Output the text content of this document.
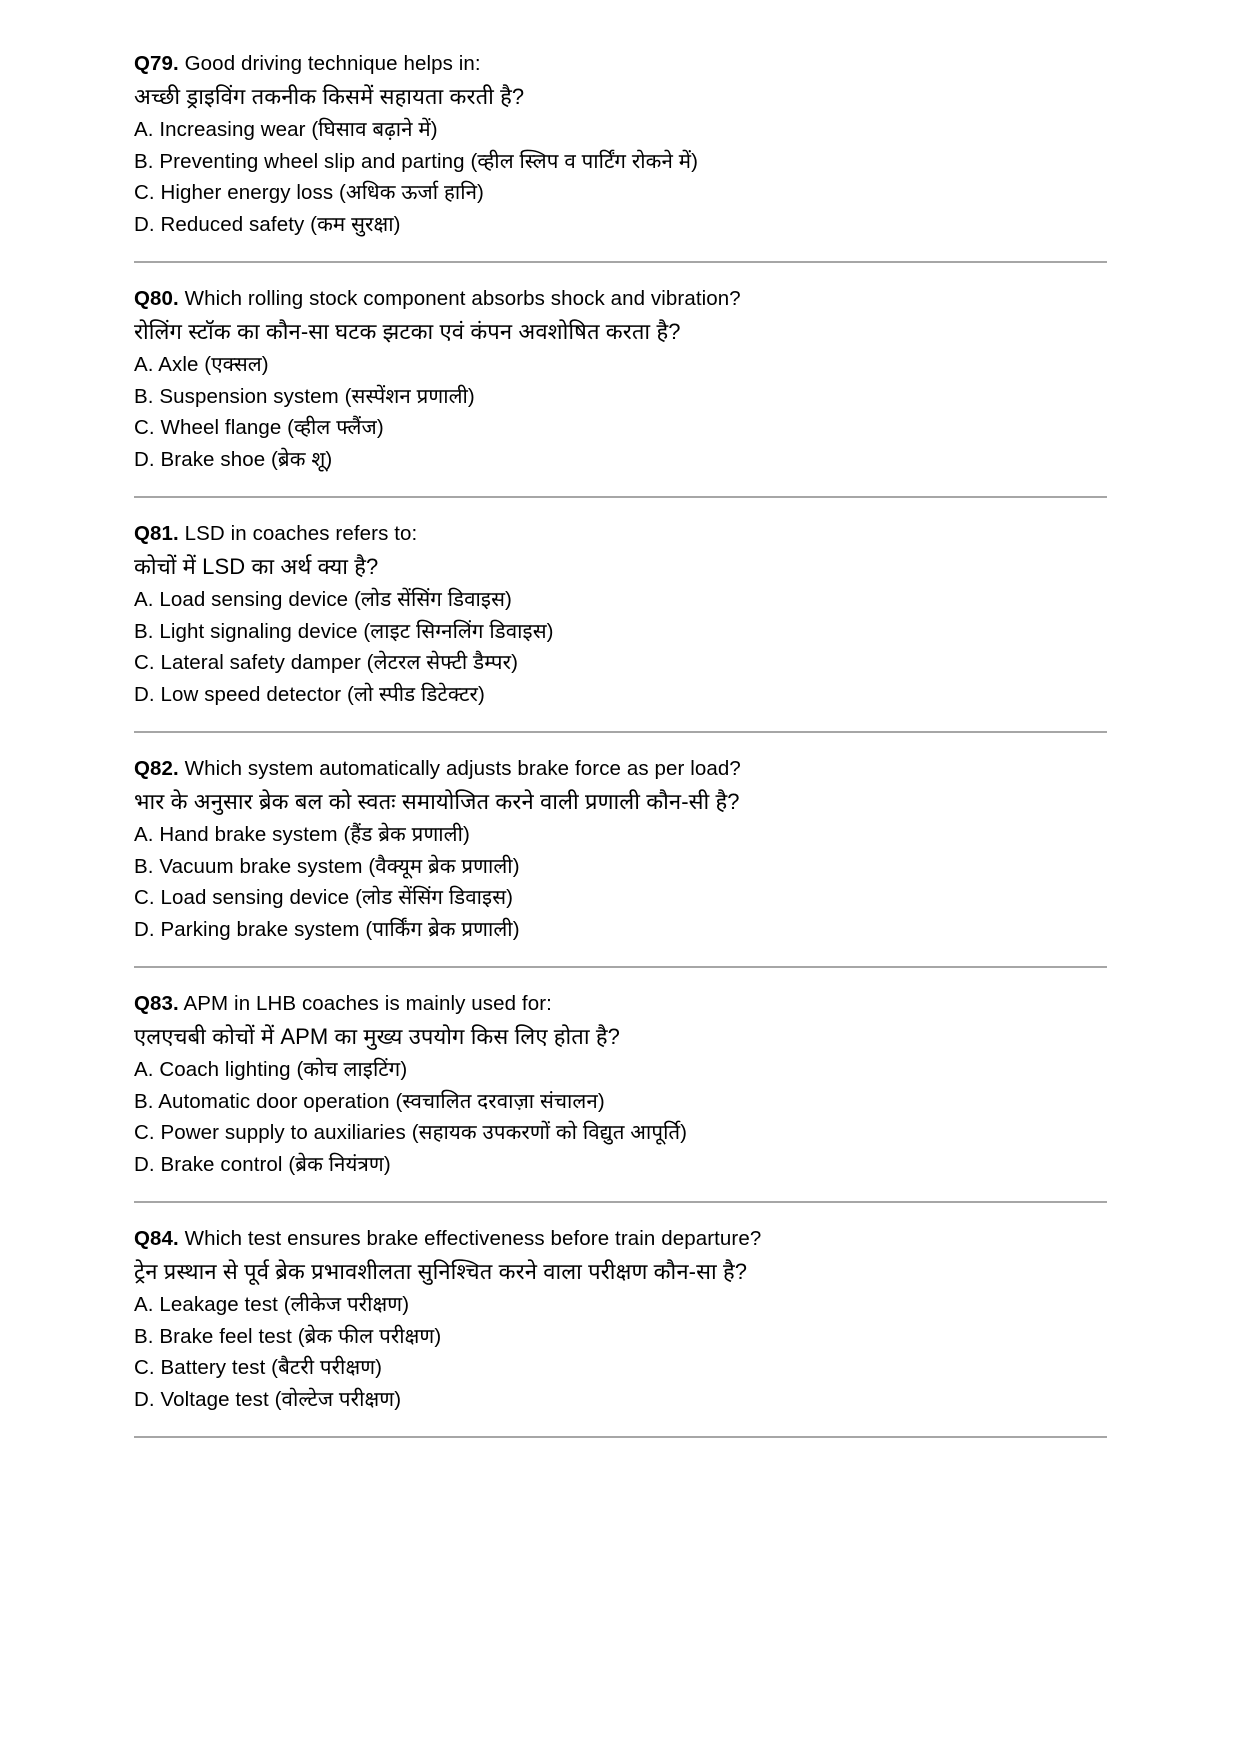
Q79. Good driving technique helps in:
अच्छी ड्राइविंग तकनीक किसमें सहायता करती है?
A. Increasing wear (घिसाव बढ़ाने में)
B. Preventing wheel slip and parting (व्हील स्लिप व पार्टिंग रोकने में)
C. Higher energy loss (अधिक ऊर्जा हानि)
D. Reduced safety (कम सुरक्षा)
Q80. Which rolling stock component absorbs shock and vibration?
रोलिंग स्टॉक का कौन-सा घटक झटका एवं कंपन अवशोषित करता है?
A. Axle (एक्सल)
B. Suspension system (सस्पेंशन प्रणाली)
C. Wheel flange (व्हील फ्लैंज)
D. Brake shoe (ब्रेक शू)
Q81. LSD in coaches refers to:
कोचों में LSD का अर्थ क्या है?
A. Load sensing device (लोड सेंसिंग डिवाइस)
B. Light signaling device (लाइट सिग्नलिंग डिवाइस)
C. Lateral safety damper (लेटरल सेफ्टी डैम्पर)
D. Low speed detector (लो स्पीड डिटेक्टर)
Q82. Which system automatically adjusts brake force as per load?
भार के अनुसार ब्रेक बल को स्वतः समायोजित करने वाली प्रणाली कौन-सी है?
A. Hand brake system (हैंड ब्रेक प्रणाली)
B. Vacuum brake system (वैक्यूम ब्रेक प्रणाली)
C. Load sensing device (लोड सेंसिंग डिवाइस)
D. Parking brake system (पार्किंग ब्रेक प्रणाली)
Q83. APM in LHB coaches is mainly used for:
एलएचबी कोचों में APM का मुख्य उपयोग किस लिए होता है?
A. Coach lighting (कोच लाइटिंग)
B. Automatic door operation (स्वचालित दरवाज़ा संचालन)
C. Power supply to auxiliaries (सहायक उपकरणों को विद्युत आपूर्ति)
D. Brake control (ब्रेक नियंत्रण)
Q84. Which test ensures brake effectiveness before train departure?
ट्रेन प्रस्थान से पूर्व ब्रेक प्रभावशीलता सुनिश्चित करने वाला परीक्षण कौन-सा है?
A. Leakage test (लीकेज परीक्षण)
B. Brake feel test (ब्रेक फील परीक्षण)
C. Battery test (बैटरी परीक्षण)
D. Voltage test (वोल्टेज परीक्षण)
